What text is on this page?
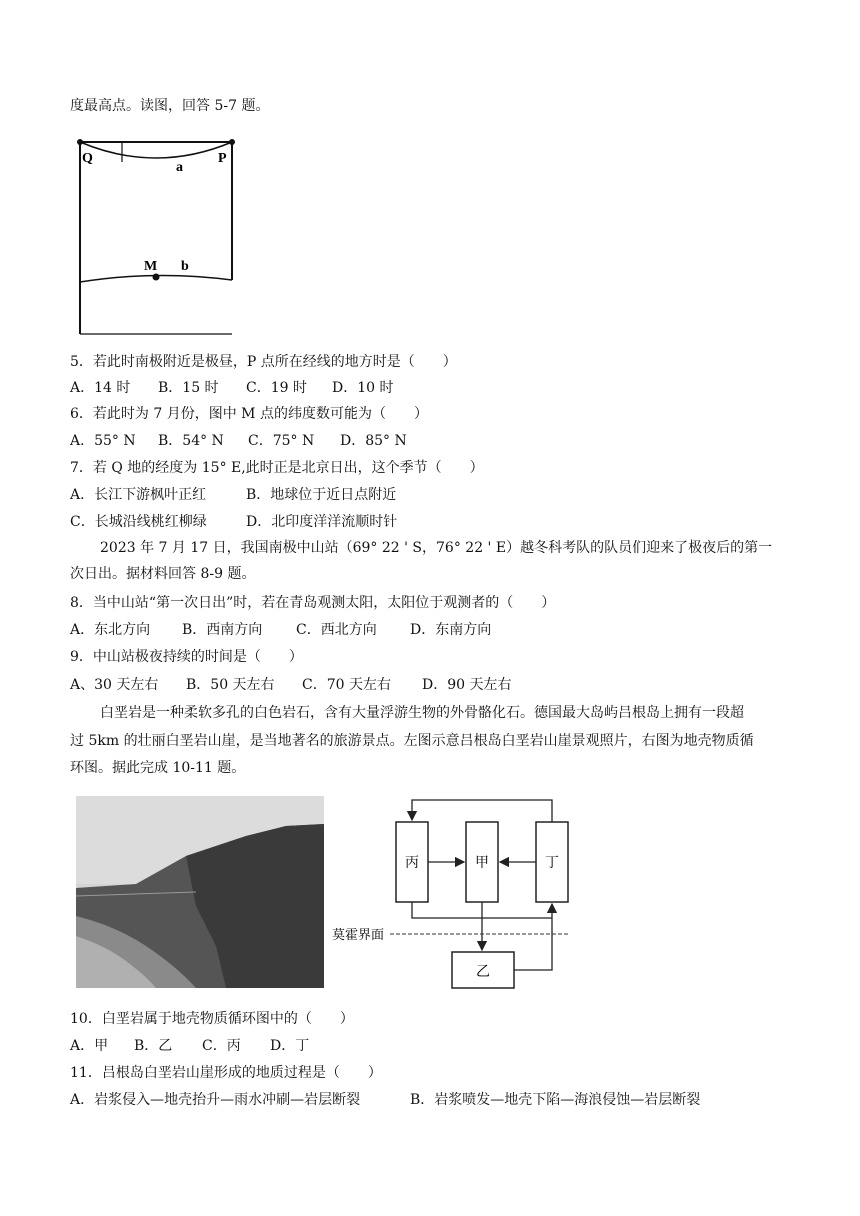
度最高点。读图，回答 5-7 题。
Q	P
a
M b
5．若此时南极附近是极昼，P 点所在经线的地方时是（　　）
A．14 时 B．15 时 C．19 时 D．10 时
6．若此时为 7 月份，图中 M 点的纬度数可能为（　　）
A．55° N B．54° N C．75° N D．85° N
7．若 Q 地的经度为 15° E,此时正是北京日出，这个季节（　　）
A．长江下游枫叶正红	B．地球位于近日点附近
C．长城沿线桃红柳绿	D．北印度洋洋流顺时针
2023 年 7 月 17 日，我国南极中山站（69° 22 ' S，76° 22 ' E）越冬科考队的队员们迎来了极夜后的第一
次日出。据材料回答 8-9 题。
8．当中山站“第一次日出”时，若在青岛观测太阳，太阳位于观测者的（　　）
A．东北方向 B．西南方向 C．西北方向 D．东南方向
9．中山站极夜持续的时间是（　　）
A、30 天左右 B．50 天左右 C．70 天左右 D．90 天左右
白垩岩是一种柔软多孔的白色岩石，含有大量浮游生物的外骨骼化石。德国最大岛屿吕根岛上拥有一段超
过 5km 的壮丽白垩岩山崖，是当地著名的旅游景点。左图示意吕根岛白垩岩山崖景观照片，右图为地壳物质循
环图。据此完成 10-11 题。
丙	甲	丁
乙
莫霍界面
10．白垩岩属于地壳物质循环图中的（　　）
A．甲 B．乙 C．丙 D．丁
11．吕根岛白垩岩山崖形成的地质过程是（　　）
A．岩浆侵入—地壳抬升—雨水冲刷—岩层断裂	B．岩浆喷发—地壳下陷—海浪侵蚀—岩层断裂
